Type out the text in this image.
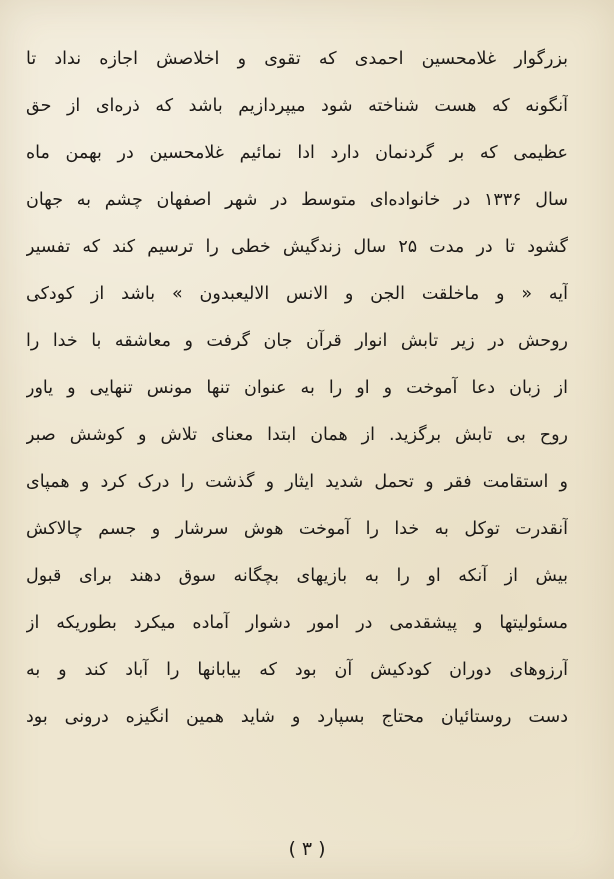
بزرگوار غلامحسین احمدی که تقوی و اخلاصش اجازه نداد تا
آنگونه که هست شناخته شود میپردازیم باشد که ذره‌ای از حق
عظیمی که بر گردنمان دارد ادا نمائیم غلامحسین در بهمن ماه
سال ۱۳۳۶ در خانواده‌ای متوسط در شهر اصفهان چشم به جهان
گشود تا در مدت ۲۵ سال زندگیش خطی را ترسیم کند که تفسیر
آیه « و ماخلقت الجن و الانس الالیعبدون » باشد از کودکی
روحش در زیر تابش انوار قرآن جان گرفت و معاشقه با خدا را
از زبان دعا آموخت و او را به عنوان تنها مونس تنهایی و یاور
روح بی تابش برگزید. از همان ابتدا معنای تلاش و کوشش صبر
و استقامت فقر و تحمل شدید ایثار و گذشت را درک کرد و همپای
آنقدرت توکل به خدا را آموخت هوش سرشار و جسم چالاکش
بیش از آنکه او را به بازیهای بچگانه سوق دهند برای قبول
مسئولیتها و پیشقدمی در امور دشوار آماده میکرد بطوریکه از
آرزوهای دوران کودکیش آن بود که بیابانها را آباد کند و به
دست روستائیان محتاج بسپارد و شاید همین انگیزه درونی بود
( ۳ )
